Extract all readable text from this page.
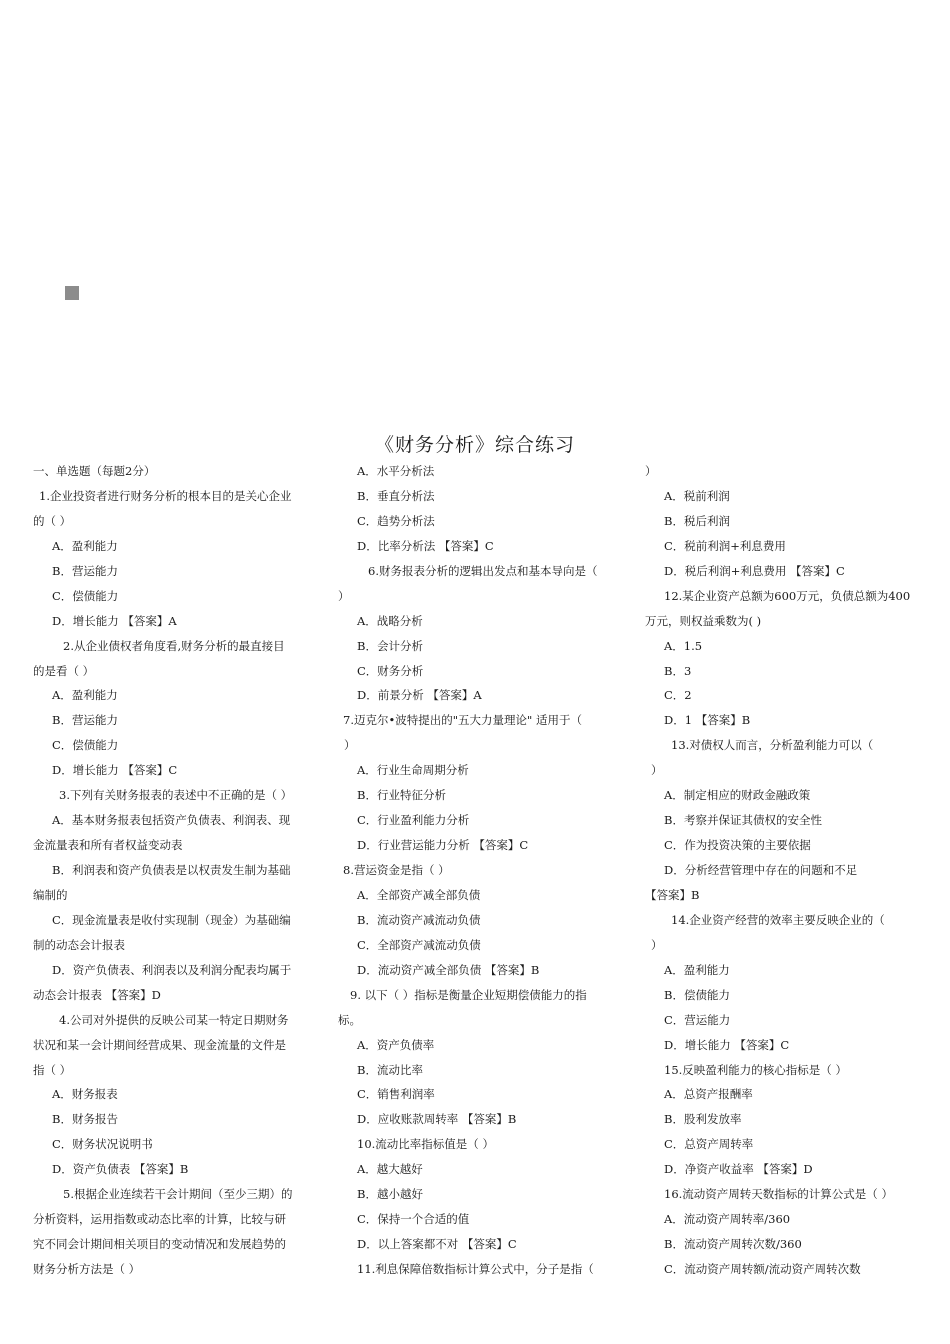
《财务分析》综合练习
一、单选题（每题2分）
1.企业投资者进行财务分析的根本目的是关心企业
的（ ）
A．盈利能力
B．营运能力
C．偿债能力
D．增长能力 【答案】A
2.从企业债权者角度看,财务分析的最直接目
的是看（ ）
A．盈利能力
B．营运能力
C．偿债能力
D．增长能力 【答案】C
3.下列有关财务报表的表述中不正确的是（ ）
A．基本财务报表包括资产负债表、利润表、现
金流量表和所有者权益变动表
B．利润表和资产负债表是以权责发生制为基础
编制的
C．现金流量表是收付实现制（现金）为基础编
制的动态会计报表
D．资产负债表、利润表以及利润分配表均属于
动态会计报表 【答案】D
4.公司对外提供的反映公司某一特定日期财务
状况和某一会计期间经营成果、现金流量的文件是
指（ ）
A．财务报表
B．财务报告
C．财务状况说明书
D．资产负债表 【答案】B
5.根据企业连续若干会计期间（至少三期）的
分析资料，运用指数或动态比率的计算，比较与研
究不同会计期间相关项目的变动情况和发展趋势的
财务分析方法是（ ）
A．水平分析法
B．垂直分析法
C．趋势分析法
D．比率分析法 【答案】C
6.财务报表分析的逻辑出发点和基本导向是（
）
A．战略分析
B．会计分析
C．财务分析
D．前景分析 【答案】A
7.迈克尔•波特提出的"五大力量理论" 适用于（
）
A．行业生命周期分析
B．行业特征分析
C．行业盈利能力分析
D．行业营运能力分析 【答案】C
8.营运资金是指（ ）
A．全部资产减全部负债
B．流动资产减流动负债
C．全部资产减流动负债
D．流动资产减全部负债 【答案】B
9. 以下（ ）指标是衡量企业短期偿债能力的指
标。
A．资产负债率
B．流动比率
C．销售利润率
D．应收账款周转率 【答案】B
10.流动比率指标值是（ ）
A．越大越好
B．越小越好
C．保持一个合适的值
D．以上答案都不对 【答案】C
11.利息保障倍数指标计算公式中，分子是指（
）
A．税前利润
B．税后利润
C．税前利润+利息费用
D．税后利润+利息费用 【答案】C
12.某企业资产总额为600万元，负债总额为400
万元，则权益乘数为( )
A．1.5
B．3
C．2
D．1 【答案】B
13.对债权人而言，分析盈利能力可以（
）
A．制定相应的财政金融政策
B．考察并保证其债权的安全性
C．作为投资决策的主要依据
D．分析经营管理中存在的问题和不足
【答案】B
14.企业资产经营的效率主要反映企业的（
）
A．盈利能力
B．偿债能力
C．营运能力
D．增长能力 【答案】C
15.反映盈利能力的核心指标是（ ）
A．总资产报酬率
B．股利发放率
C．总资产周转率
D．净资产收益率 【答案】D
16.流动资产周转天数指标的计算公式是（ ）
A．流动资产周转率/360
B．流动资产周转次数/360
C．流动资产周转额/流动资产周转次数
